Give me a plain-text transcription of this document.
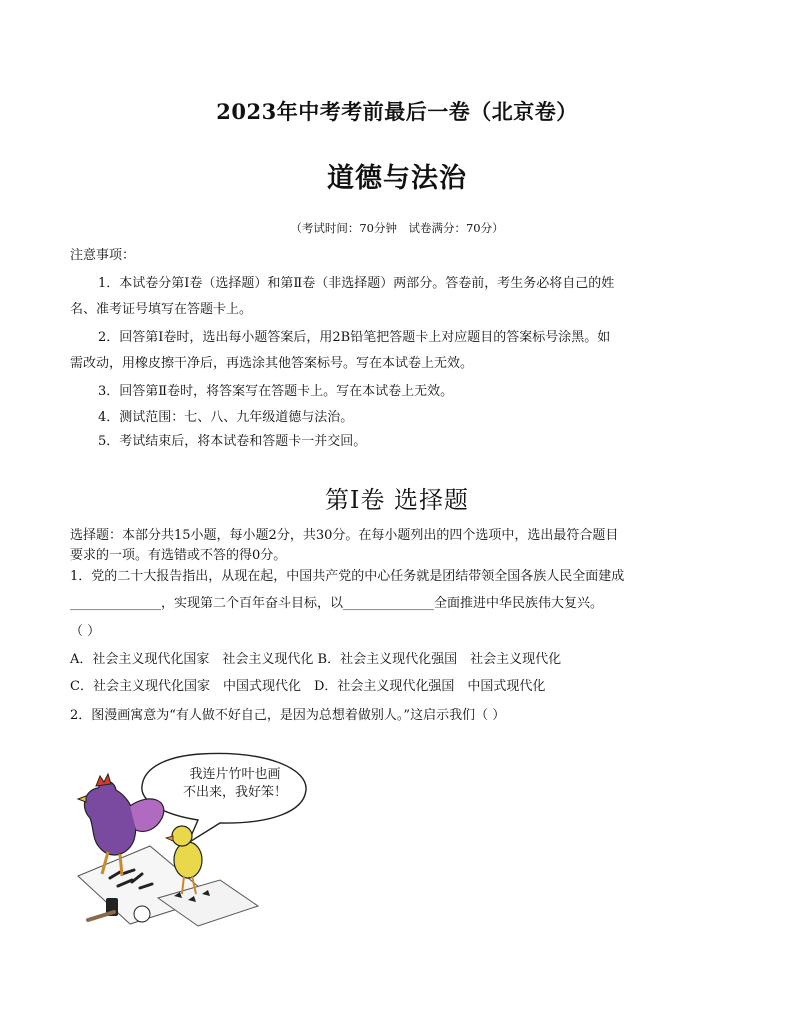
2023年中考考前最后一卷（北京卷）
道德与法治
（考试时间：70分钟　试卷满分：70分）
注意事项：
1．本试卷分第Ⅰ卷（选择题）和第Ⅱ卷（非选择题）两部分。答卷前，考生务必将自己的姓
名、准考证号填写在答题卡上。
2．回答第Ⅰ卷时，选出每小题答案后，用2B铅笔把答题卡上对应题目的答案标号涂黑。如
需改动，用橡皮擦干净后，再选涂其他答案标号。写在本试卷上无效。
3．回答第Ⅱ卷时，将答案写在答题卡上。写在本试卷上无效。
4．测试范围：七、八、九年级道德与法治。
5．考试结束后，将本试卷和答题卡一并交回。
第Ⅰ卷 选择题
选择题：本部分共15小题，每小题2分，共30分。在每小题列出的四个选项中，选出最符合题目
要求的一项。有选错或不答的得0分。
1．党的二十大报告指出，从现在起，中国共产党的中心任务就是团结带领全国各族人民全面建成
______________，实现第二个百年奋斗目标，以______________全面推进中华民族伟大复兴。
（ ）
A．社会主义现代化国家　社会主义现代化 B．社会主义现代化强国　社会主义现代化
C．社会主义现代化国家　中国式现代化　D．社会主义现代化强国　中国式现代化
2．图漫画寓意为“有人做不好自己，是因为总想着做别人。”这启示我们（ ）
我连片竹叶也画
不出来，我好笨！
